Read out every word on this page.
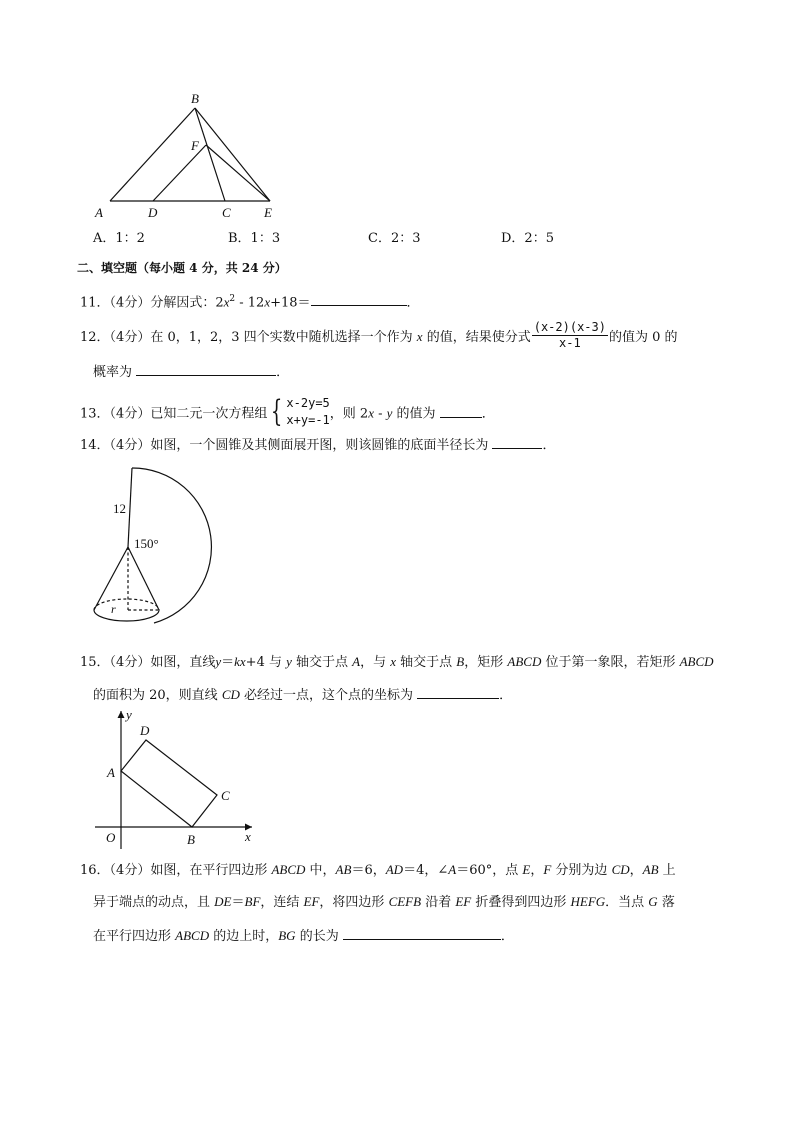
B
F
A	D	C	E
A．1：2	B．1：3	C．2：3	D．2：5
二、填空题（每小题 4 分，共 24 分）
11．（4分）分解因式：$2x^2 - 12x+18=$	．
12．（4分）在 0，1，2，3 四个实数中随机选择一个作为 x 的值，结果使分式 $\frac{(x-2)(x-3)}{x-1}$ 的值为 0 的
概率为	．
13．（4分）已知二元一次方程组 { x-2y=5
x+y=-1 ，则 2x - y 的值为	．
14．（4分）如图，一个圆锥及其侧面展开图，则该圆锥的底面半径长为	．
12
150°
r
15．（4分）如图，直线y＝kx+4 与 y 轴交于点 A，与 x 轴交于点 B，矩形 ABCD 位于第一象限，若矩形 ABCD
的面积为 20，则直线 CD 必经过一点，这个点的坐标为	．
y
x
O
A
B
C
D
16．（4分）如图，在平行四边形 ABCD 中，AB＝6，AD＝4，∠A＝60°，点 E，F 分别为边 CD，AB 上
异于端点的动点，且 DE＝BF，连结 EF，将四边形 CEFB 沿着 EF 折叠得到四边形 HEFG．当点 G 落
在平行四边形 ABCD 的边上时，BG 的长为	．
